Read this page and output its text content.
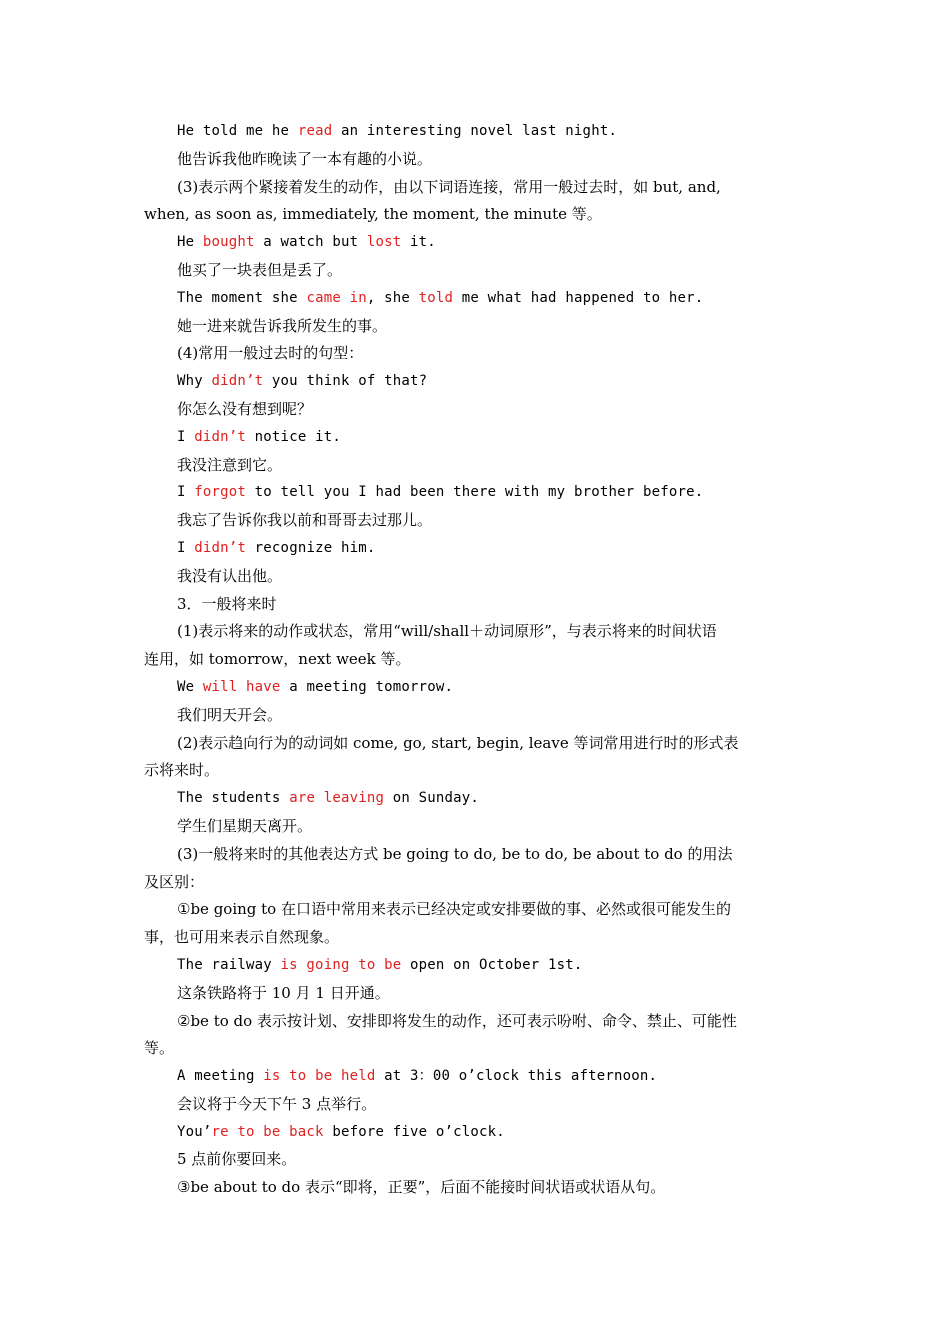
He told me he read an interesting novel last night.
他告诉我他昨晚读了一本有趣的小说。
(3)表示两个紧接着发生的动作，由以下词语连接，常用一般过去时，如 but, and,
when, as soon as, immediately, the moment, the minute 等。
He bought a watch but lost it.
他买了一块表但是丢了。
The moment she came in, she told me what had happened to her.
她一进来就告诉我所发生的事。
(4)常用一般过去时的句型：
Why didn’t you think of that?
你怎么没有想到呢？
I didn’t notice it.
我没注意到它。
I forgot to tell you I had been there with my brother before.
我忘了告诉你我以前和哥哥去过那儿。
I didn’t recognize him.
我没有认出他。
3．一般将来时
(1)表示将来的动作或状态，常用“will/shall＋动词原形”，与表示将来的时间状语
连用，如 tomorrow，next week 等。
We will have a meeting tomorrow.
我们明天开会。
(2)表示趋向行为的动词如 come, go, start, begin, leave 等词常用进行时的形式表
示将来时。
The students are leaving on Sunday.
学生们星期天离开。
(3)一般将来时的其他表达方式 be going to do, be to do, be about to do 的用法
及区别：
①be going to 在口语中常用来表示已经决定或安排要做的事、必然或很可能发生的
事，也可用来表示自然现象。
The railway is going to be open on October 1st.
这条铁路将于 10 月 1 日开通。
②be to do 表示按计划、安排即将发生的动作，还可表示吩咐、命令、禁止、可能性
等。
A meeting is to be held at 3：00 o’clock this afternoon.
会议将于今天下午 3 点举行。
You’re to be back before five o’clock.
5 点前你要回来。
③be about to do 表示“即将，正要”，后面不能接时间状语或状语从句。
